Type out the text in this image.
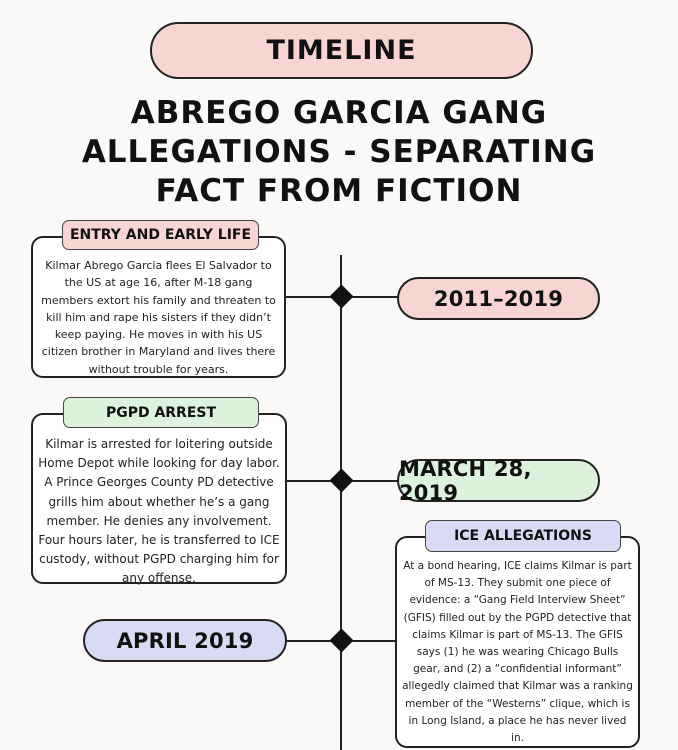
TIMELINE
ABREGO GARCIA GANG
ALLEGATIONS - SEPARATING
FACT FROM FICTION

Kilmar Abrego Garcia flees El Salvador to the US at age 16, after M-18 gang members extort his family and threaten to kill him and rape his sisters if they didn’t keep paying. He moves in with his US citizen brother in Maryland and lives there without trouble for years.

ENTRY AND EARLY LIFE
2011–2019

Kilmar is arrested for loitering outside Home Depot while looking for day labor. A Prince Georges County PD detective grills him about whether he’s a gang member. He denies any involvement. Four hours later, he is transferred to ICE custody, without PGPD charging him for any offense.

PGPD ARREST
MARCH 28, 2019

At a bond hearing, ICE claims Kilmar is part of MS-13. They submit one piece of evidence: a “Gang Field Interview Sheet” (GFIS) filled out by the PGPD detective that claims Kilmar is part of MS-13. The GFIS says (1) he was wearing Chicago Bulls gear, and (2) a “confidential informant” allegedly claimed that Kilmar was a ranking member of the “Westerns” clique, which is in Long Island, a place he has never lived in.

ICE ALLEGATIONS
APRIL 2019
